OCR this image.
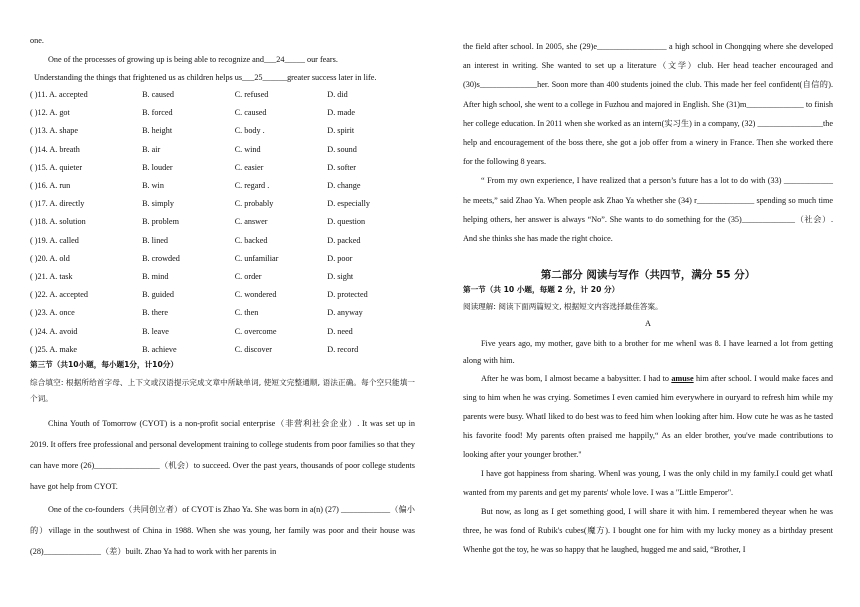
one.
One of the processes of growing up is being able to recognize and___24_____ our fears.
Understanding the things that frightened us as children helps us___25______greater success later in life.
( )11. A. accepted	B. caused	C. refused	D. did
( )12. A. got	B. forced	C. caused	D. made
( )13. A. shape	B. height	C. body .	D. spirit
( )14. A. breath	B. air	C. wind	D. sound
( )15. A. quieter	B. louder	C. easier	D. softer
( )16. A. run	B. win	C. regard .	D. change
( )17. A. directly	B. simply	C. probably	D. especially
( )18. A. solution	B. problem	C. answer	D. question
( )19. A. called	B. lined	C. backed	D. packed
( )20. A. old	B. crowded	C. unfamiliar	D. poor
( )21. A. task	B. mind	C. order	D. sight
( )22. A. accepted	B. guided	C. wondered	D. protected
( )23. A. once	B. there	C. then	D. anyway
( )24. A. avoid	B. leave	C. overcome	D. need
( )25. A. make	B. achieve	C. discover	D. record
第三节（共10小题，每小题1分，计10分）
综合填空: 根据所给首字母、上下文或汉语提示完成文章中所缺单词, 使短文完整通顺, 语法正确。每个空只能填一个词。
China Youth of Tomorrow (CYOT) is a non-profit social enterprise（非营利社会企业）. It was set up in 2019. It offers free professional and personal development training to college students from poor families so that they can have more (26)________________（机会）to succeed. Over the past years, thousands of poor college students have got help from CYOT.
One of the co-founders（共同创立者）of CYOT is Zhao Ya. She was born in a(n) (27) ____________（偏小的）village in the southwest of China in 1988. When she was young, her family was poor and their house was (28)______________（差）built. Zhao Ya had to work with her parents in
the field after school. In 2005, she (29)e_________________ a high school in Chongqing where she developed an interest in writing. She wanted to set up a literature（文学）club. Her head teacher encouraged and (30)s______________her. Soon more than 400 students joined the club. This made her feel confident(自信的). After high school, she went to a college in Fuzhou and majored in English. She (31)m______________ to finish her college education. In 2011 when she worked as an intern(实习生) in a company, (32) ________________the help and encouragement of the boss there, she got a job offer from a winery in France. Then she worked there for the following 8 years.
“ From my own experience, I have realized that a person’s future has a lot to do with (33) ____________ he meets,” said Zhao Ya. When people ask Zhao Ya whether she (34) r______________ spending so much time helping others, her answer is always “No”. She wants to do something for the (35)_____________（社会）. And she thinks she has made the right choice.
第二部分 阅读与写作（共四节，满分 55 分）
第一节（共 10 小题，每题 2 分，计 20 分）
阅读理解: 阅读下面两篇短文, 根据短文内容选择最佳答案。
A
Five years ago, my mother, gave bith to a brother for me whenI was 8. I have learned a lot from getting along with him.
After he was bom, I almost became a babysitter. I had to amuse him after school. I would make faces and sing to him when he was crying. Sometimes I even camied him everywhere in ouryard to refresh him while my parents were busy. WhatI liked to do best was to feed him when looking after him. How cute he was as he tasted his favorite food! My parents often praised me happily,“ As an elder brother, you've made contributions to looking after your younger brother."
I have got happiness from sharing. WhenI was young, I was the only child in my family.I could get whatI wanted from my parents and get my parents' whole love. I was a "Little Emperor".
But now, as long as I get something good, I will share it with him. I remembered theyear when he was three, he was fond of Rubik's cubes(魔方). I bought one for him with my lucky money as a birthday present Whenhe got the toy, he was so happy that he laughed, hugged me and said, “Brother, I
